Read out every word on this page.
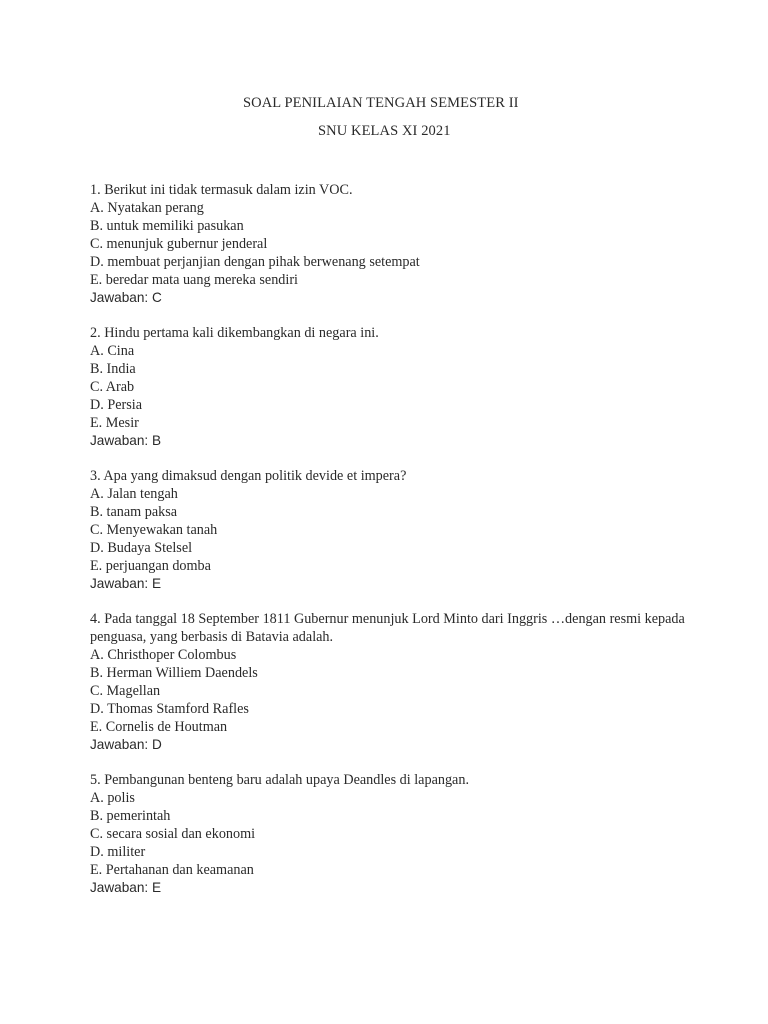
SOAL PENILAIAN TENGAH SEMESTER II
SNU KELAS XI 2021
1. Berikut ini tidak termasuk dalam izin VOC.
A. Nyatakan perang
B. untuk memiliki pasukan
C. menunjuk gubernur jenderal
D. membuat perjanjian dengan pihak berwenang setempat
E. beredar mata uang mereka sendiri
Jawaban: C
2. Hindu pertama kali dikembangkan di negara ini.
A. Cina
B. India
C. Arab
D. Persia
E. Mesir
Jawaban: B
3. Apa yang dimaksud dengan politik devide et impera?
A. Jalan tengah
B. tanam paksa
C. Menyewakan tanah
D. Budaya Stelsel
E. perjuangan domba
Jawaban: E
4. Pada tanggal 18 September 1811 Gubernur menunjuk Lord Minto dari Inggris …dengan resmi kepada penguasa, yang berbasis di Batavia adalah.
A. Christhoper Colombus
B. Herman Williem Daendels
C. Magellan
D. Thomas Stamford Rafles
E. Cornelis de Houtman
Jawaban: D
5. Pembangunan benteng baru adalah upaya Deandles di lapangan.
A. polis
B. pemerintah
C. secara sosial dan ekonomi
D. militer
E. Pertahanan dan keamanan
Jawaban: E
